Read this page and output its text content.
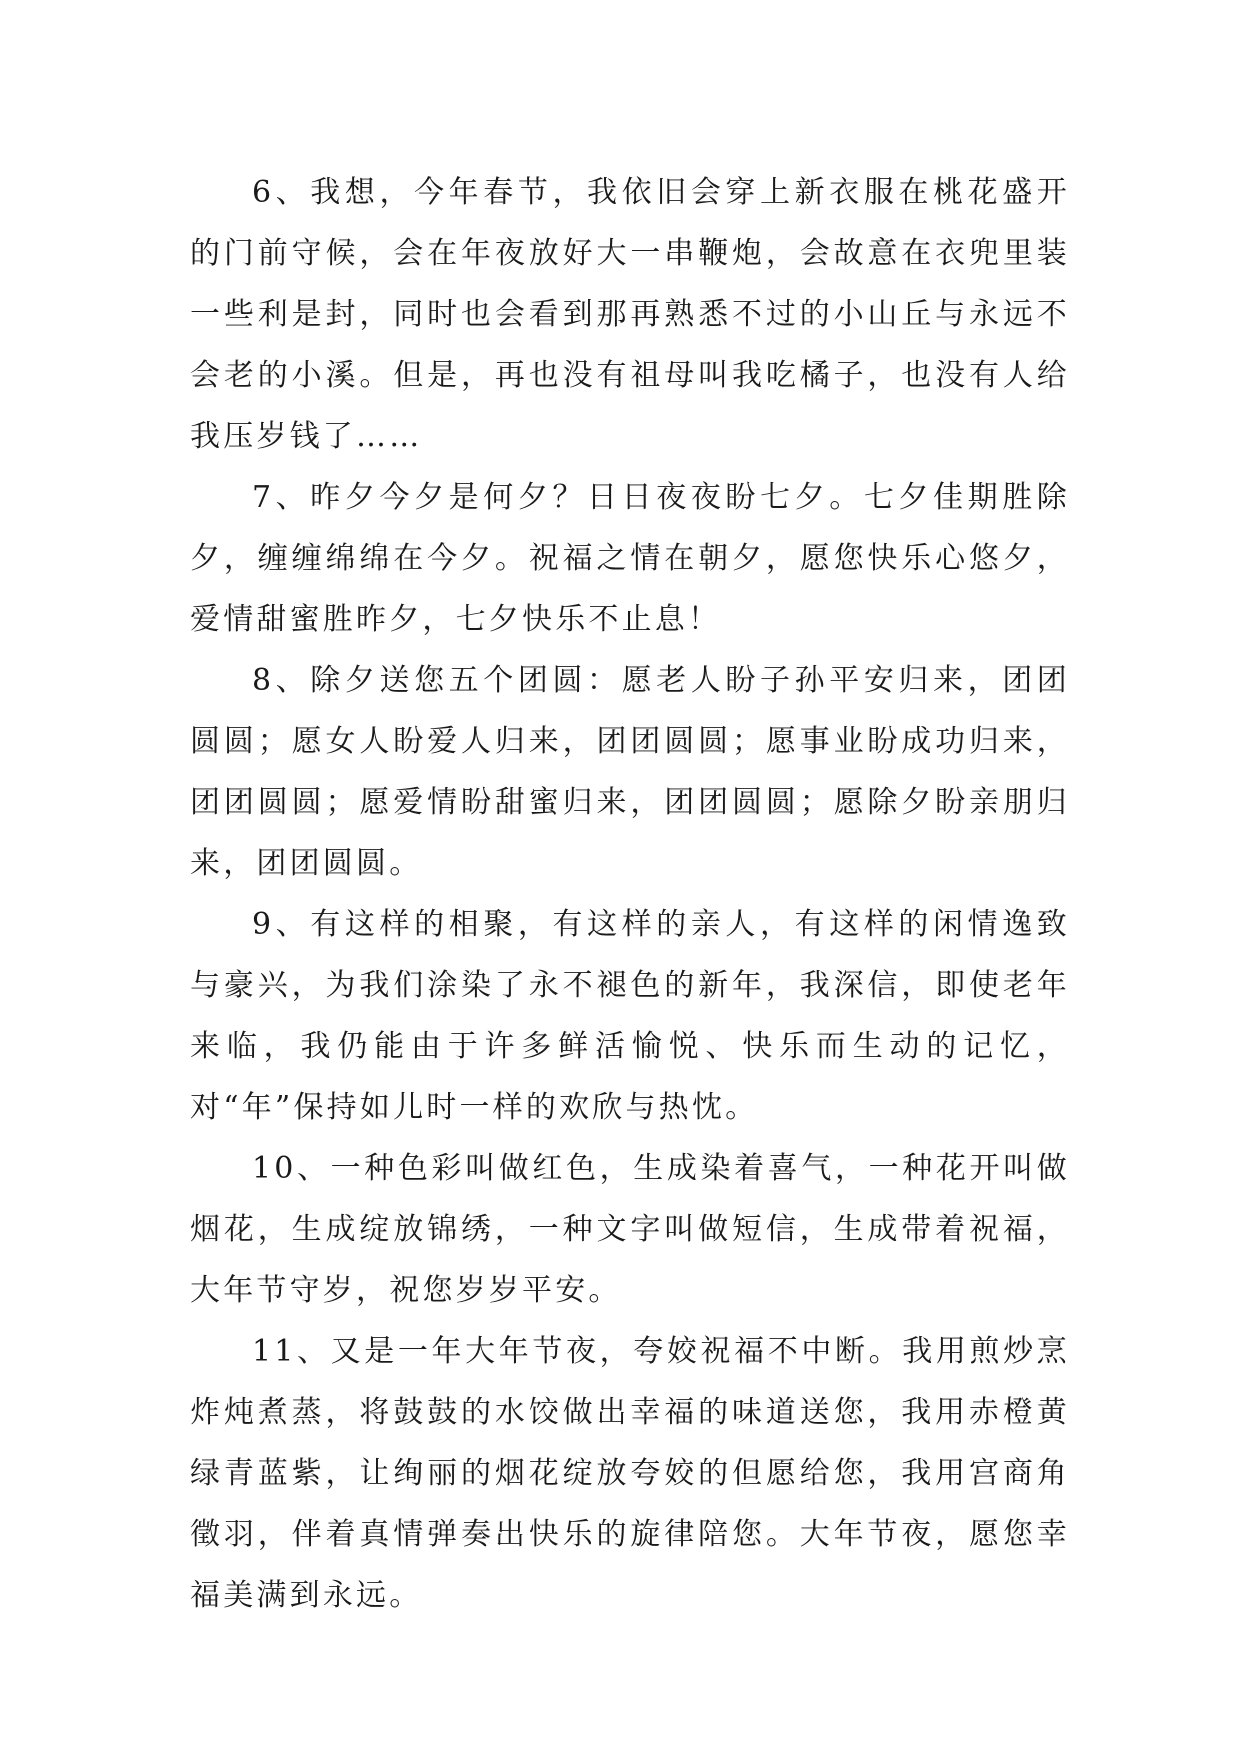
6、我想，今年春节，我依旧会穿上新衣服在桃花盛开的门前守候，会在年夜放好大一串鞭炮，会故意在衣兜里装一些利是封，同时也会看到那再熟悉不过的小山丘与永远不会老的小溪。但是，再也没有祖母叫我吃橘子，也没有人给我压岁钱了……

7、昨夕今夕是何夕？日日夜夜盼七夕。七夕佳期胜除夕，缠缠绵绵在今夕。祝福之情在朝夕，愿您快乐心悠夕，爱情甜蜜胜昨夕，七夕快乐不止息！

8、除夕送您五个团圆：愿老人盼子孙平安归来，团团圆圆；愿女人盼爱人归来，团团圆圆；愿事业盼成功归来，团团圆圆；愿爱情盼甜蜜归来，团团圆圆；愿除夕盼亲朋归来，团团圆圆。

9、有这样的相聚，有这样的亲人，有这样的闲情逸致与豪兴，为我们涂染了永不褪色的新年，我深信，即使老年来临，我仍能由于许多鲜活愉悦、快乐而生动的记忆，对“年”保持如儿时一样的欢欣与热忱。

10、一种色彩叫做红色，生成染着喜气，一种花开叫做烟花，生成绽放锦绣，一种文字叫做短信，生成带着祝福，大年节守岁，祝您岁岁平安。

11、又是一年大年节夜，夸姣祝福不中断。我用煎炒烹炸炖煮蒸，将鼓鼓的水饺做出幸福的味道送您，我用赤橙黄绿青蓝紫，让绚丽的烟花绽放夸姣的但愿给您，我用宫商角徵羽，伴着真情弹奏出快乐的旋律陪您。大年节夜，愿您幸福美满到永远。
